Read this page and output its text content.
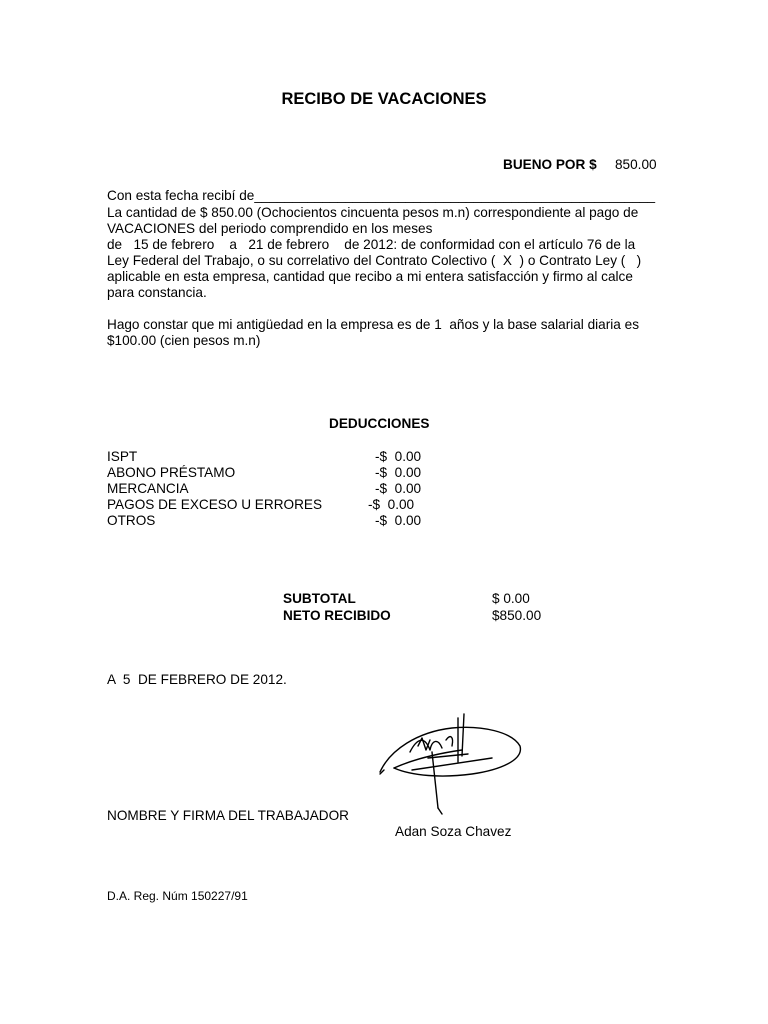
RECIBO DE VACACIONES
BUENO POR $ 850.00
Con esta fecha recibí de_____________________________________________________
La cantidad de $ 850.00 (Ochocientos cincuenta pesos m.n) correspondiente al pago de
VACACIONES del periodo comprendido en los meses
de   15 de febrero    a   21 de febrero    de 2012: de conformidad con el artículo 76 de la
Ley Federal del Trabajo, o su correlativo del Contrato Colectivo (  X  ) o Contrato Ley (   )
aplicable en esta empresa, cantidad que recibo a mi entera satisfacción y firmo al calce
para constancia.
Hago constar que mi antigüedad en la empresa es de 1  años y la base salarial diaria es
$100.00 (cien pesos m.n)
DEDUCCIONES
ISPT	-$  0.00
ABONO PRÉSTAMO	-$  0.00
MERCANCIA	-$  0.00
PAGOS DE EXCESO U ERRORES	-$  0.00
OTROS	-$  0.00
SUBTOTAL	$ 0.00
NETO RECIBIDO	$850.00
A  5  DE FEBRERO DE 2012.
NOMBRE Y FIRMA DEL TRABAJADOR
Adan Soza Chavez
D.A. Reg. Núm 150227/91
